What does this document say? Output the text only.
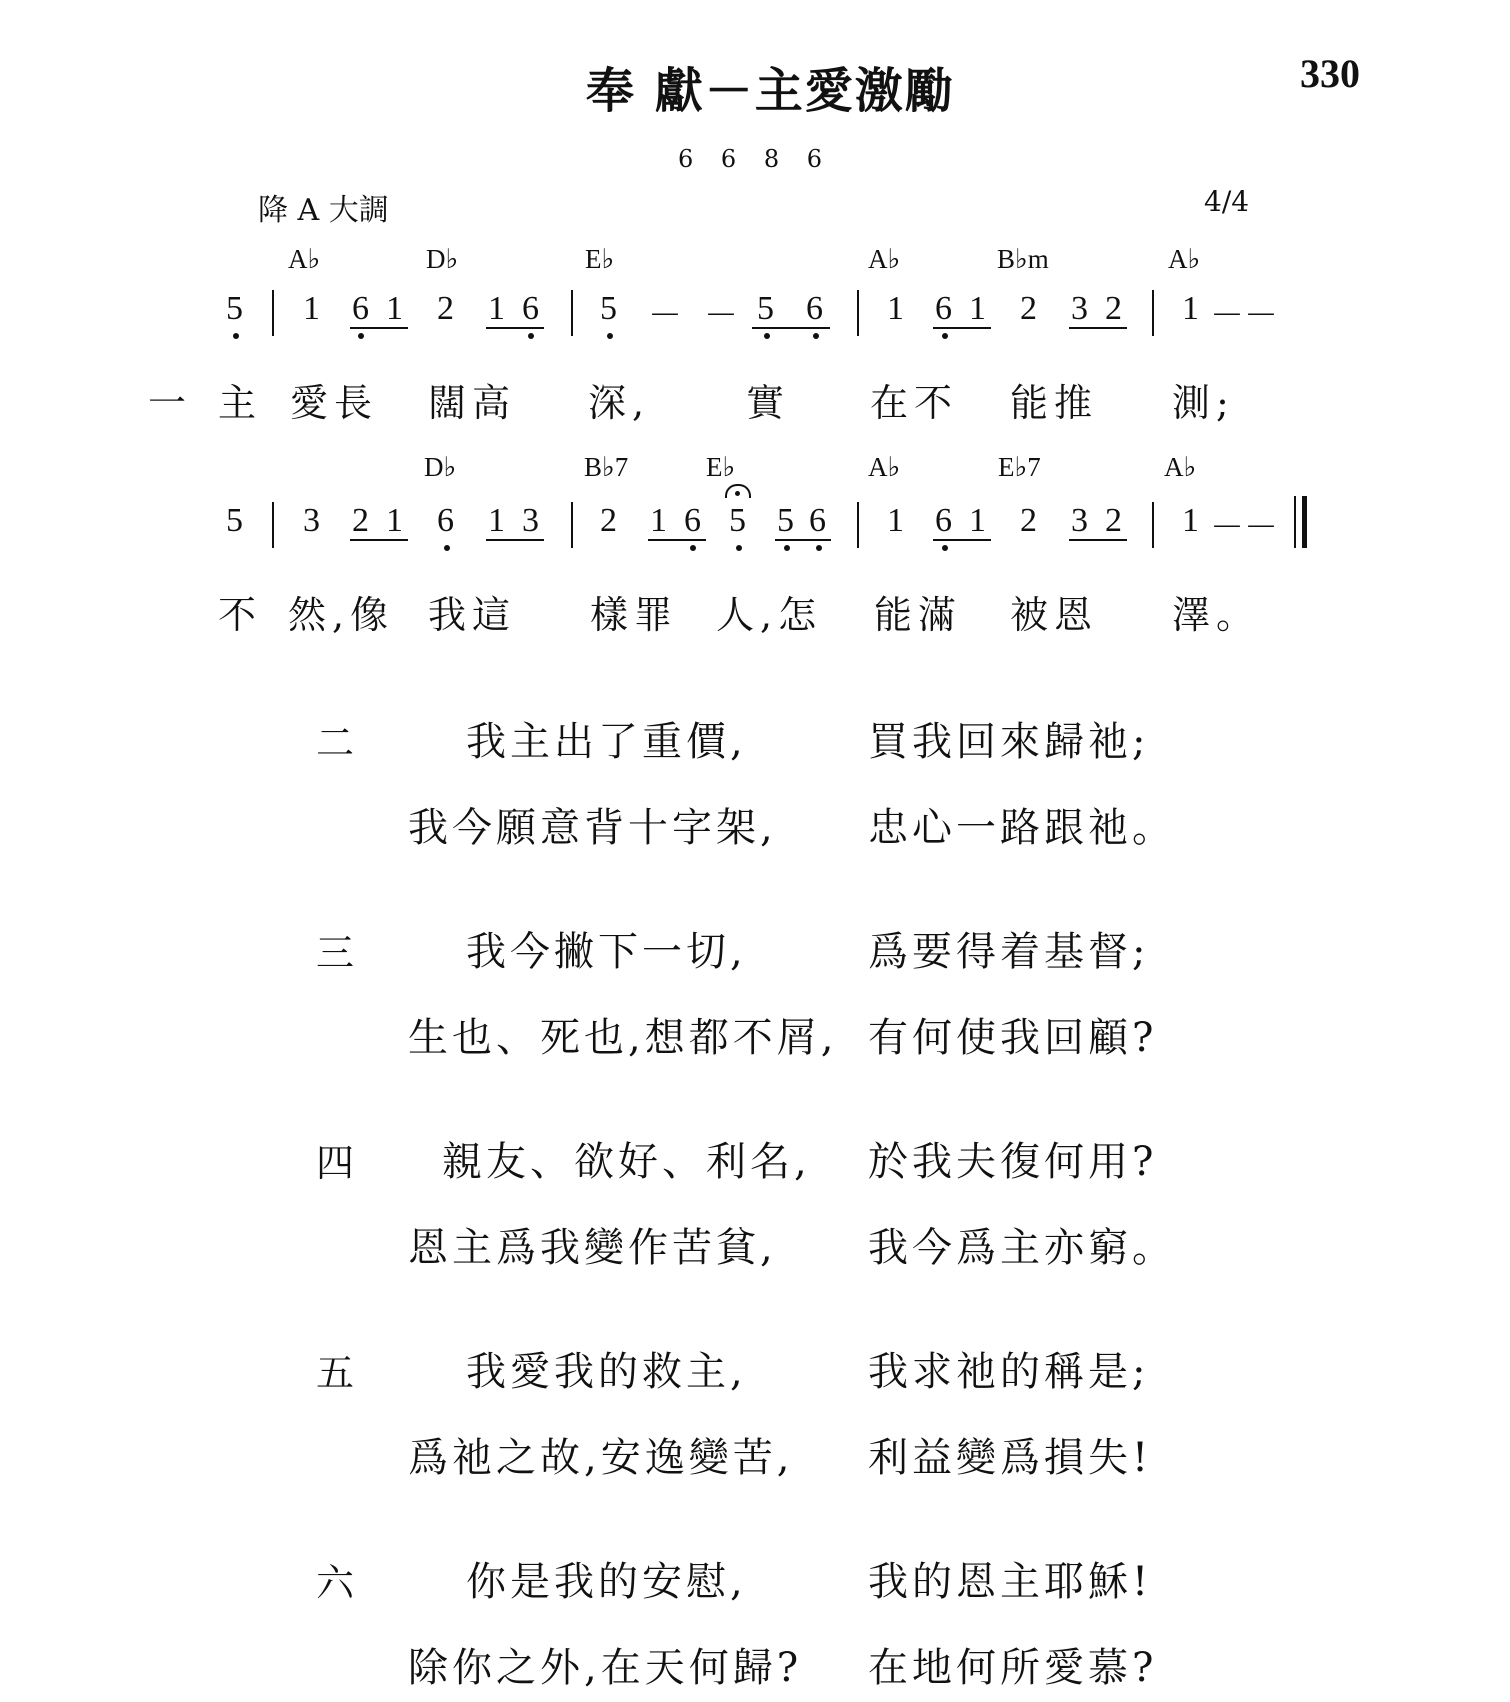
奉 獻－主愛激勵	330
6 6 8 6
降 A 大調	4/4
A♭	D♭	E♭	A♭	B♭m	A♭
5 1 6 1 2 1 6 5 － － 5 6 1 6 1 2 3 2 1 －－
一 主 愛長 闊高 深,	實 在不 能推 測;
D♭	B♭7	E♭	A♭	E♭7	A♭
5 3 2 1 6 1 3 2 1 6 5 5 6 1 6 1 2 3 2 1 －－
不 然,像 我這 樣罪 人,怎 能滿 被恩 澤。
二	我主出了重價,	買我回來歸祂;
我今願意背十字架, 忠心一路跟祂。
三	我今撇下一切,	爲要得着基督;
生也、死也,想都不屑, 有何使我回顧?
四 親友、欲好、利名, 於我夫復何用?
恩主爲我變作苦貧, 我今爲主亦窮。
五	我愛我的救主,	我求祂的稱是;
爲祂之故,安逸變苦, 利益變爲損失!
六	你是我的安慰,	我的恩主耶穌!
除你之外,在天何歸? 在地何所愛慕?
